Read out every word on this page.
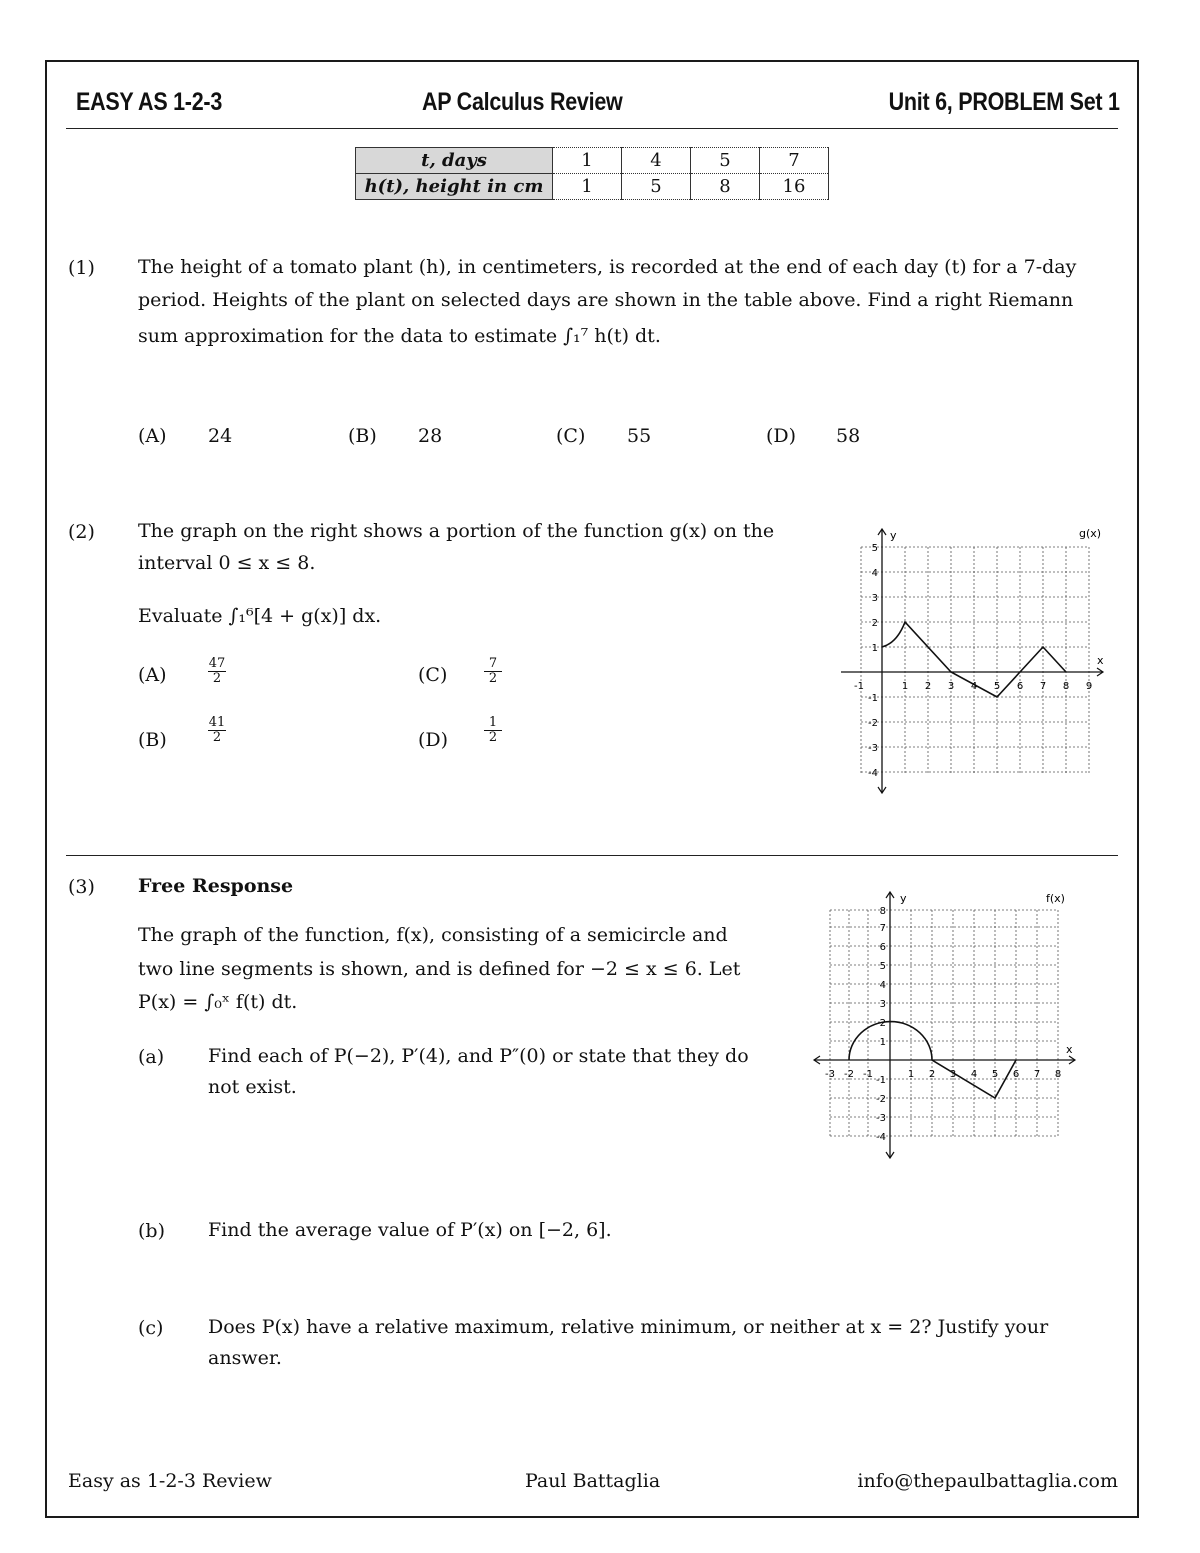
EASY AS 1-2-3	AP Calculus Review	Unit 6, PROBLEM Set 1
t, days	1	4	5	7
h(t), height in cm	1	5	8	16
(1) The height of a tomato plant (h), in centimeters, is recorded at the end of each day (t) for a 7-day
period. Heights of the plant on selected days are shown in the table above. Find a right Riemann
sum approximation for the data to estimate ∫₁⁷ h(t) dt.
(A) 24	(B) 28	(C) 55	(D) 58
(2) The graph on the right shows a portion of the function g(x) on the
interval 0 ≤ x ≤ 8.
Evaluate ∫₁⁶[4 + g(x)] dx.
(A)	$\frac{47}{2}$
(B)	$\frac{41}{2}$
(C)	$\frac{7}{2}$
(D)	$\frac{1}{2}$
y
x
g(x)
-1	1 2 3 4 5 6 7 8 9
1
2
3
4
5
-1
-2
-3
-4
(3) Free Response
The graph of the function, f(x), consisting of a semicircle and
two line segments is shown, and is defined for −2 ≤ x ≤ 6. Let
P(x) = ∫₀ˣ f(t) dt.
(a) Find each of P(−2), P′(4), and P″(0) or state that they do
not exist.
(b) Find the average value of P′(x) on [−2, 6].
(c) Does P(x) have a relative maximum, relative minimum, or neither at x = 2? Justify your
answer.
y
x
f(x)
-3 -2 -1	1 2 3 4 5 6 7 8
1
2
3
4
5
6
7
8
-1
-2
-3
-4
Easy as 1-2-3 Review	Paul Battaglia	info@thepaulbattaglia.com
